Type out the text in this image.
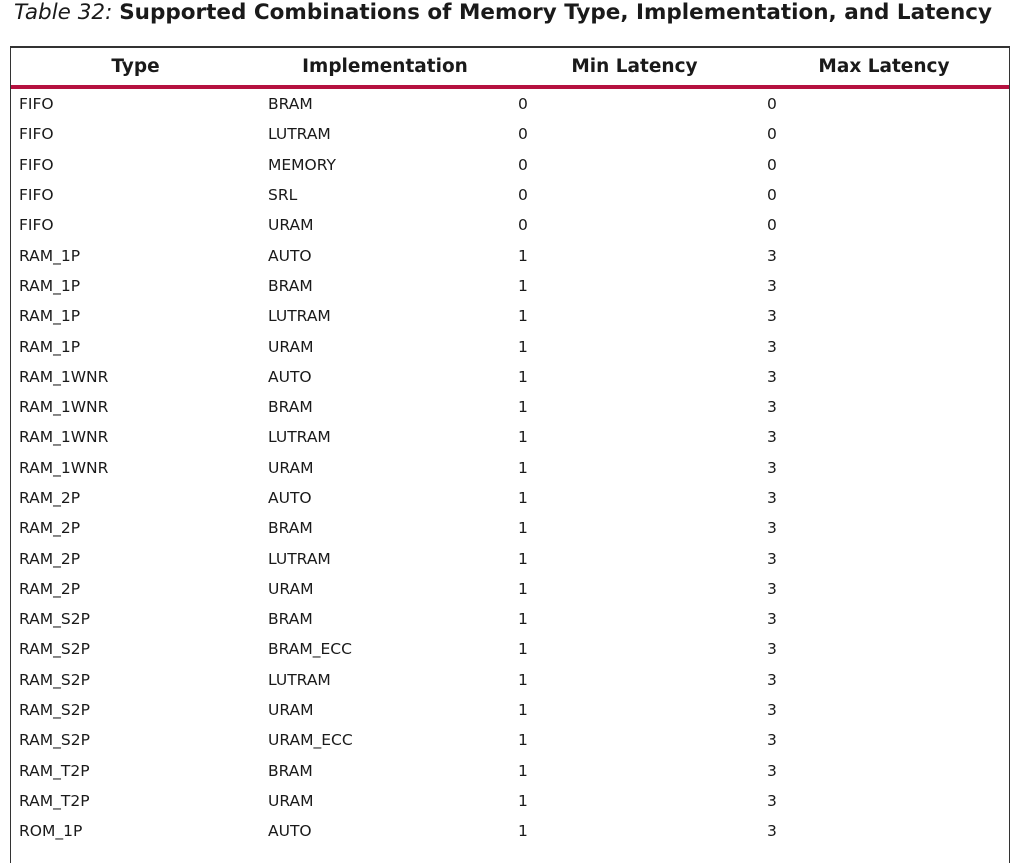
Table 32: Supported Combinations of Memory Type, Implementation, and Latency
Type	Implementation	Min Latency	Max Latency
FIFO	BRAM	0	0
FIFO	LUTRAM	0	0
FIFO	MEMORY	0	0
FIFO	SRL	0	0
FIFO	URAM	0	0
RAM_1P	AUTO	1	3
RAM_1P	BRAM	1	3
RAM_1P	LUTRAM	1	3
RAM_1P	URAM	1	3
RAM_1WNR	AUTO	1	3
RAM_1WNR	BRAM	1	3
RAM_1WNR	LUTRAM	1	3
RAM_1WNR	URAM	1	3
RAM_2P	AUTO	1	3
RAM_2P	BRAM	1	3
RAM_2P	LUTRAM	1	3
RAM_2P	URAM	1	3
RAM_S2P	BRAM	1	3
RAM_S2P	BRAM_ECC	1	3
RAM_S2P	LUTRAM	1	3
RAM_S2P	URAM	1	3
RAM_S2P	URAM_ECC	1	3
RAM_T2P	BRAM	1	3
RAM_T2P	URAM	1	3
ROM_1P	AUTO	1	3
